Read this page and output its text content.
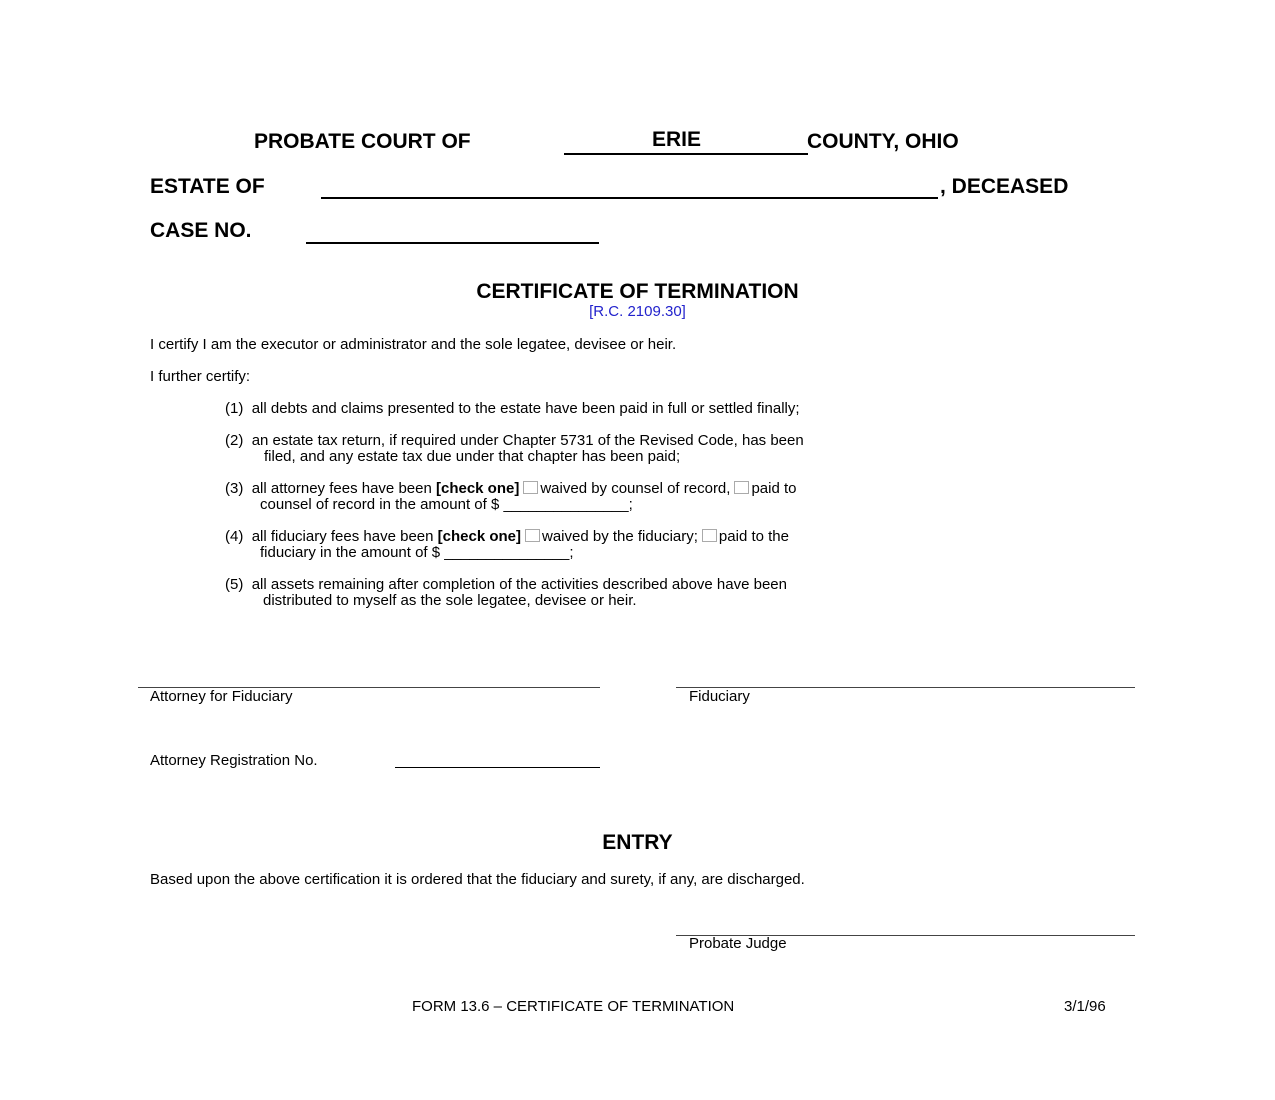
PROBATE COURT OF	ERIE	COUNTY, OHIO
ESTATE OF	, DECEASED
CASE NO.
CERTIFICATE OF TERMINATION
[R.C. 2109.30]
I certify I am the executor or administrator and the sole legatee, devisee or heir.
I further certify:
(1) all debts and claims presented to the estate have been paid in full or settled finally;
(2) an estate tax return, if required under Chapter 5731 of the Revised Code, has been
filed, and any estate tax due under that chapter has been paid;
(3) all attorney fees have been [check one] waived by counsel of record, paid to
counsel of record in the amount of $ _______________;
(4) all fiduciary fees have been [check one] waived by the fiduciary; paid to the
fiduciary in the amount of $ _______________;
(5) all assets remaining after completion of the activities described above have been
distributed to myself as the sole legatee, devisee or heir.
Attorney for Fiduciary	Fiduciary
Attorney Registration No.
ENTRY
Based upon the above certification it is ordered that the fiduciary and surety, if any, are discharged.
Probate Judge
FORM 13.6 – CERTIFICATE OF TERMINATION	3/1/96
